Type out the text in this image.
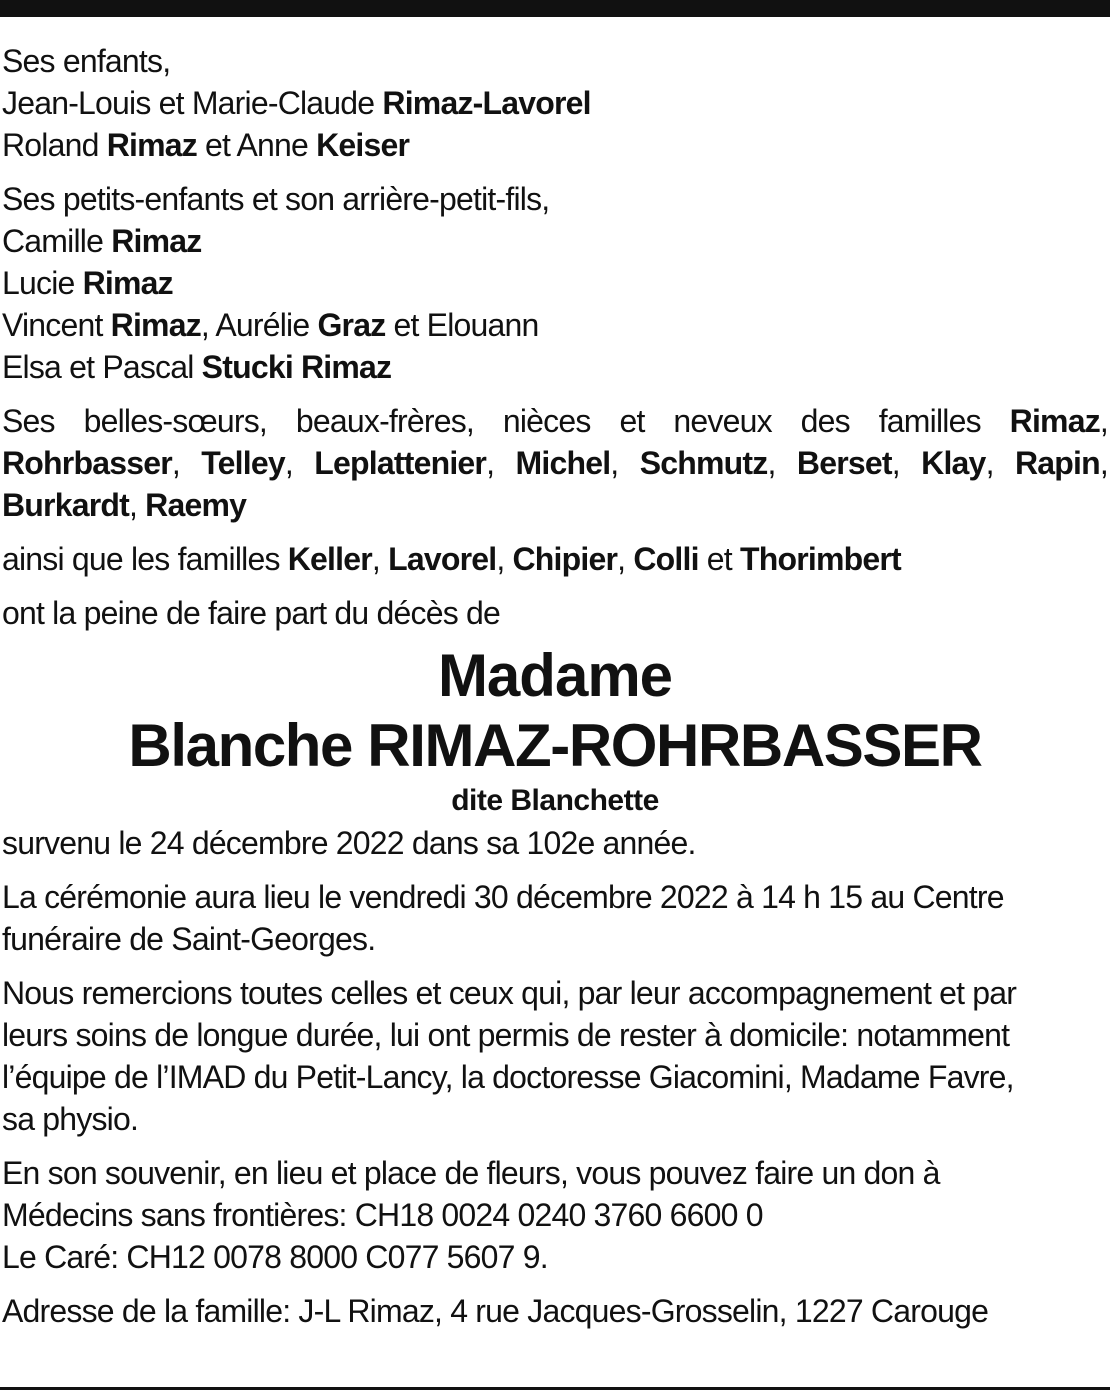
Ses enfants,
Jean-Louis et Marie-Claude Rimaz-Lavorel
Roland Rimaz et Anne Keiser
Ses petits-enfants et son arrière-petit-fils,
Camille Rimaz
Lucie Rimaz
Vincent Rimaz, Aurélie Graz et Elouann
Elsa et Pascal Stucki Rimaz
Ses belles-sœurs, beaux-frères, nièces et neveux des familles Rimaz,
Rohrbasser, Telley, Leplattenier, Michel, Schmutz, Berset, Klay, Rapin,
Burkardt, Raemy
ainsi que les familles Keller, Lavorel, Chipier, Colli et Thorimbert
ont la peine de faire part du décès de
Madame
Blanche RIMAZ-ROHRBASSER
dite Blanchette
survenu le 24 décembre 2022 dans sa 102e année.
La cérémonie aura lieu le vendredi 30 décembre 2022 à 14 h 15 au Centre
funéraire de Saint-Georges.
Nous remercions toutes celles et ceux qui, par leur accompagnement et par
leurs soins de longue durée, lui ont permis de rester à domicile: notamment
l’équipe de l’IMAD du Petit-Lancy, la doctoresse Giacomini, Madame Favre,
sa physio.
En son souvenir, en lieu et place de fleurs, vous pouvez faire un don à
Médecins sans frontières: CH18 0024 0240 3760 6600 0
Le Caré: CH12 0078 8000 C077 5607 9.
Adresse de la famille: J-L Rimaz, 4 rue Jacques-Grosselin, 1227 Carouge
